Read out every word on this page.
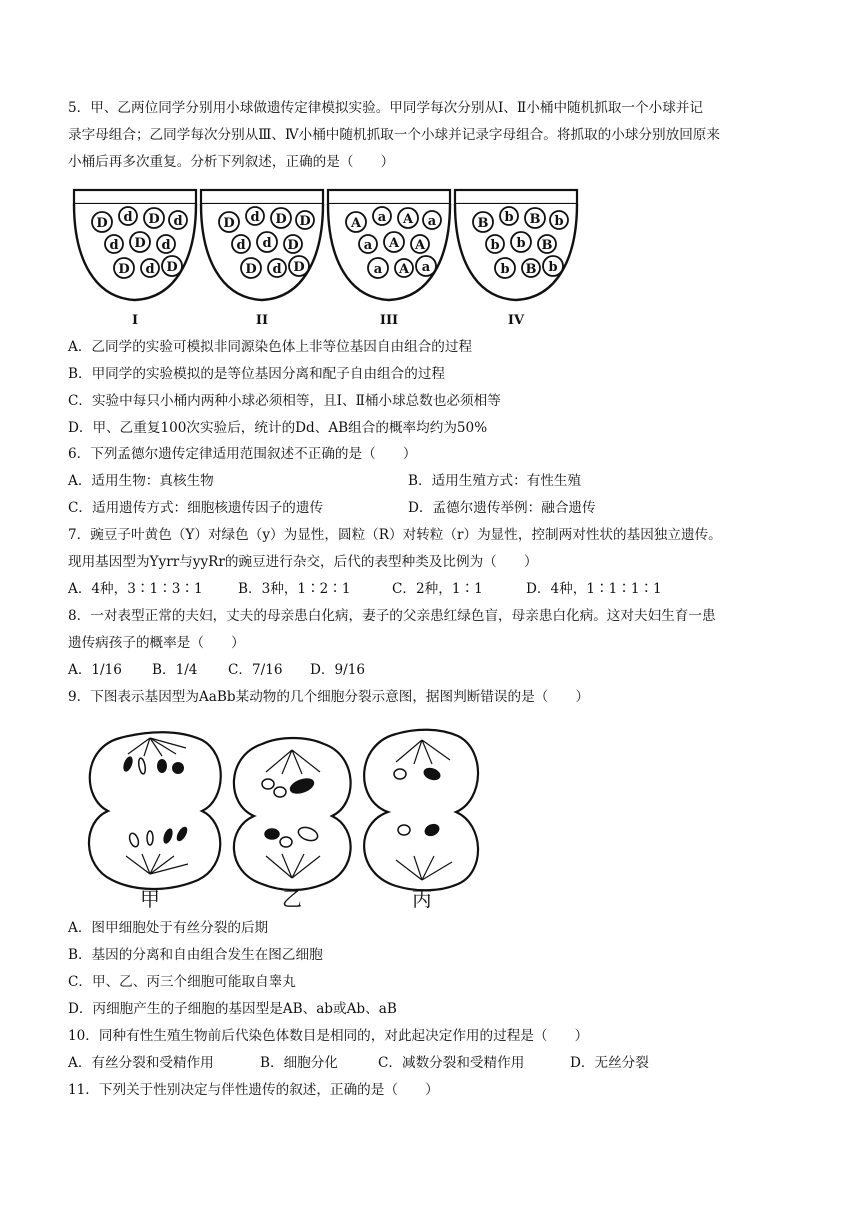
5．甲、乙两位同学分别用小球做遗传定律模拟实验。甲同学每次分别从Ⅰ、Ⅱ小桶中随机抓取一个小球并记
录字母组合；乙同学每次分别从Ⅲ、Ⅳ小桶中随机抓取一个小球并记录字母组合。将抓取的小球分别放回原来
小桶后再多次重复。分析下列叙述，正确的是（　　）
D d D d
d D d
D d D
I
D d D D
d d D
D d D
II
A a A a
a A A
a A a
III
B b B b
b b B
b B b
IV
A．乙同学的实验可模拟非同源染色体上非等位基因自由组合的过程
B．甲同学的实验模拟的是等位基因分离和配子自由组合的过程
C．实验中每只小桶内两种小球必须相等，且Ⅰ、Ⅱ桶小球总数也必须相等
D．甲、乙重复100次实验后，统计的Dd、AB组合的概率均约为50%
6．下列孟德尔遗传定律适用范围叙述不正确的是（　　）
A．适用生物：真核生物	B．适用生殖方式：有性生殖
C．适用遗传方式：细胞核遗传因子的遗传	D．孟德尔遗传举例：融合遗传
7．豌豆子叶黄色（Y）对绿色（y）为显性，圆粒（R）对转粒（r）为显性，控制两对性状的基因独立遗传。
现用基因型为Yyrr与yyRr的豌豆进行杂交，后代的表型种类及比例为（　　）
A．4种，3∶1∶3∶1	B．3种，1∶2∶1	C．2种，1∶1	D．4种，1∶1∶1∶1
8．一对表型正常的夫妇，丈夫的母亲患白化病，妻子的父亲患红绿色盲，母亲患白化病。这对夫妇生育一患
遗传病孩子的概率是（　　）
A．1/16 B．1/4 C．7/16 D．9/16
9．下图表示基因型为AaBb某动物的几个细胞分裂示意图，据图判断错误的是（　　）
甲	乙	丙
A．图甲细胞处于有丝分裂的后期
B．基因的分离和自由组合发生在图乙细胞
C．甲、乙、丙三个细胞可能取自睾丸
D．丙细胞产生的子细胞的基因型是AB、ab或Ab、aB
10．同种有性生殖生物前后代染色体数目是相同的，对此起决定作用的过程是（　　）
A．有丝分裂和受精作用	B．细胞分化	C．减数分裂和受精作用	D．无丝分裂
11．下列关于性别决定与伴性遗传的叙述，正确的是（　　）
